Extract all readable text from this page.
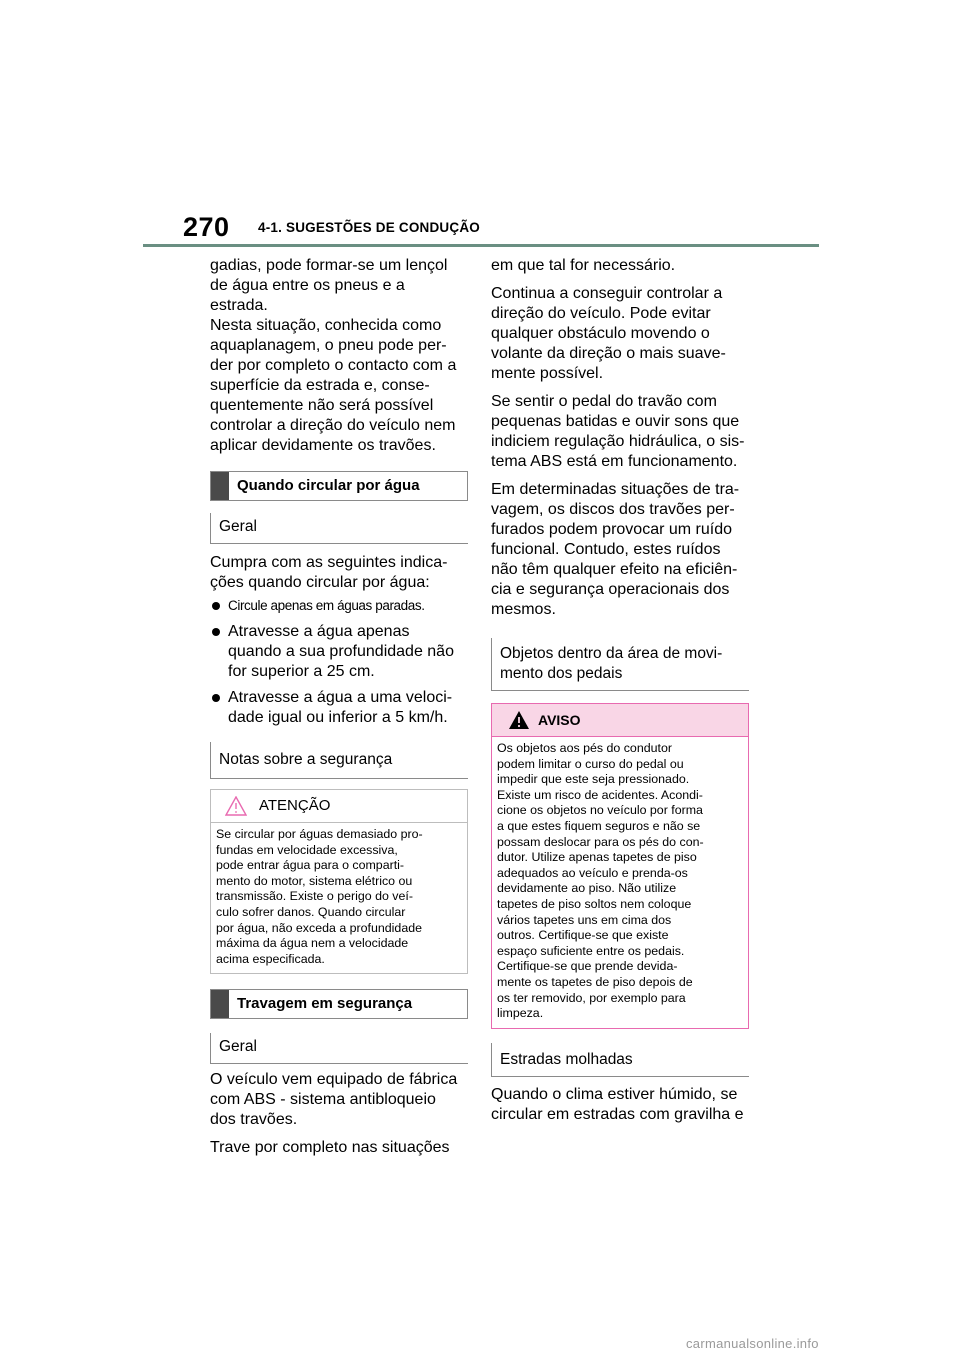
270 4-1. SUGESTÕES DE CONDUÇÃO
gadias, pode formar-se um lençol
de água entre os pneus e a
estrada.
Nesta situação, conhecida como
aquaplanagem, o pneu pode per-
der por completo o contacto com a
superfície da estrada e, conse-
quentemente não será possível
controlar a direção do veículo nem
aplicar devidamente os travões.
Quando circular por água
Geral
Cumpra com as seguintes indica-
ções quando circular por água:
Circule apenas em águas paradas.
Atravesse a água apenas
quando a sua profundidade não
for superior a 25 cm.
Atravesse a água a uma veloci-
dade igual ou inferior a 5 km/h.
Notas sobre a segurança
ATENÇÃO
Se circular por águas demasiado pro-
fundas em velocidade excessiva,
pode entrar água para o comparti-
mento do motor, sistema elétrico ou
transmissão. Existe o perigo do veí-
culo sofrer danos. Quando circular
por água, não exceda a profundidade
máxima da água nem a velocidade
acima especificada.
Travagem em segurança
Geral
O veículo vem equipado de fábrica
com ABS - sistema antibloqueio
dos travões.
Trave por completo nas situações
em que tal for necessário.
Continua a conseguir controlar a
direção do veículo. Pode evitar
qualquer obstáculo movendo o
volante da direção o mais suave-
mente possível.
Se sentir o pedal do travão com
pequenas batidas e ouvir sons que
indiciem regulação hidráulica, o sis-
tema ABS está em funcionamento.
Em determinadas situações de tra-
vagem, os discos dos travões per-
furados podem provocar um ruído
funcional. Contudo, estes ruídos
não têm qualquer efeito na eficiên-
cia e segurança operacionais dos
mesmos.
Objetos dentro da área de movi-
mento dos pedais
AVISO
Os objetos aos pés do condutor
podem limitar o curso do pedal ou
impedir que este seja pressionado.
Existe um risco de acidentes. Acondi-
cione os objetos no veículo por forma
a que estes fiquem seguros e não se
possam deslocar para os pés do con-
dutor. Utilize apenas tapetes de piso
adequados ao veículo e prenda-os
devidamente ao piso. Não utilize
tapetes de piso soltos nem coloque
vários tapetes uns em cima dos
outros. Certifique-se que existe
espaço suficiente entre os pedais.
Certifique-se que prende devida-
mente os tapetes de piso depois de
os ter removido, por exemplo para
limpeza.
Estradas molhadas
Quando o clima estiver húmido, se
circular em estradas com gravilha e
carmanualsonline.info
